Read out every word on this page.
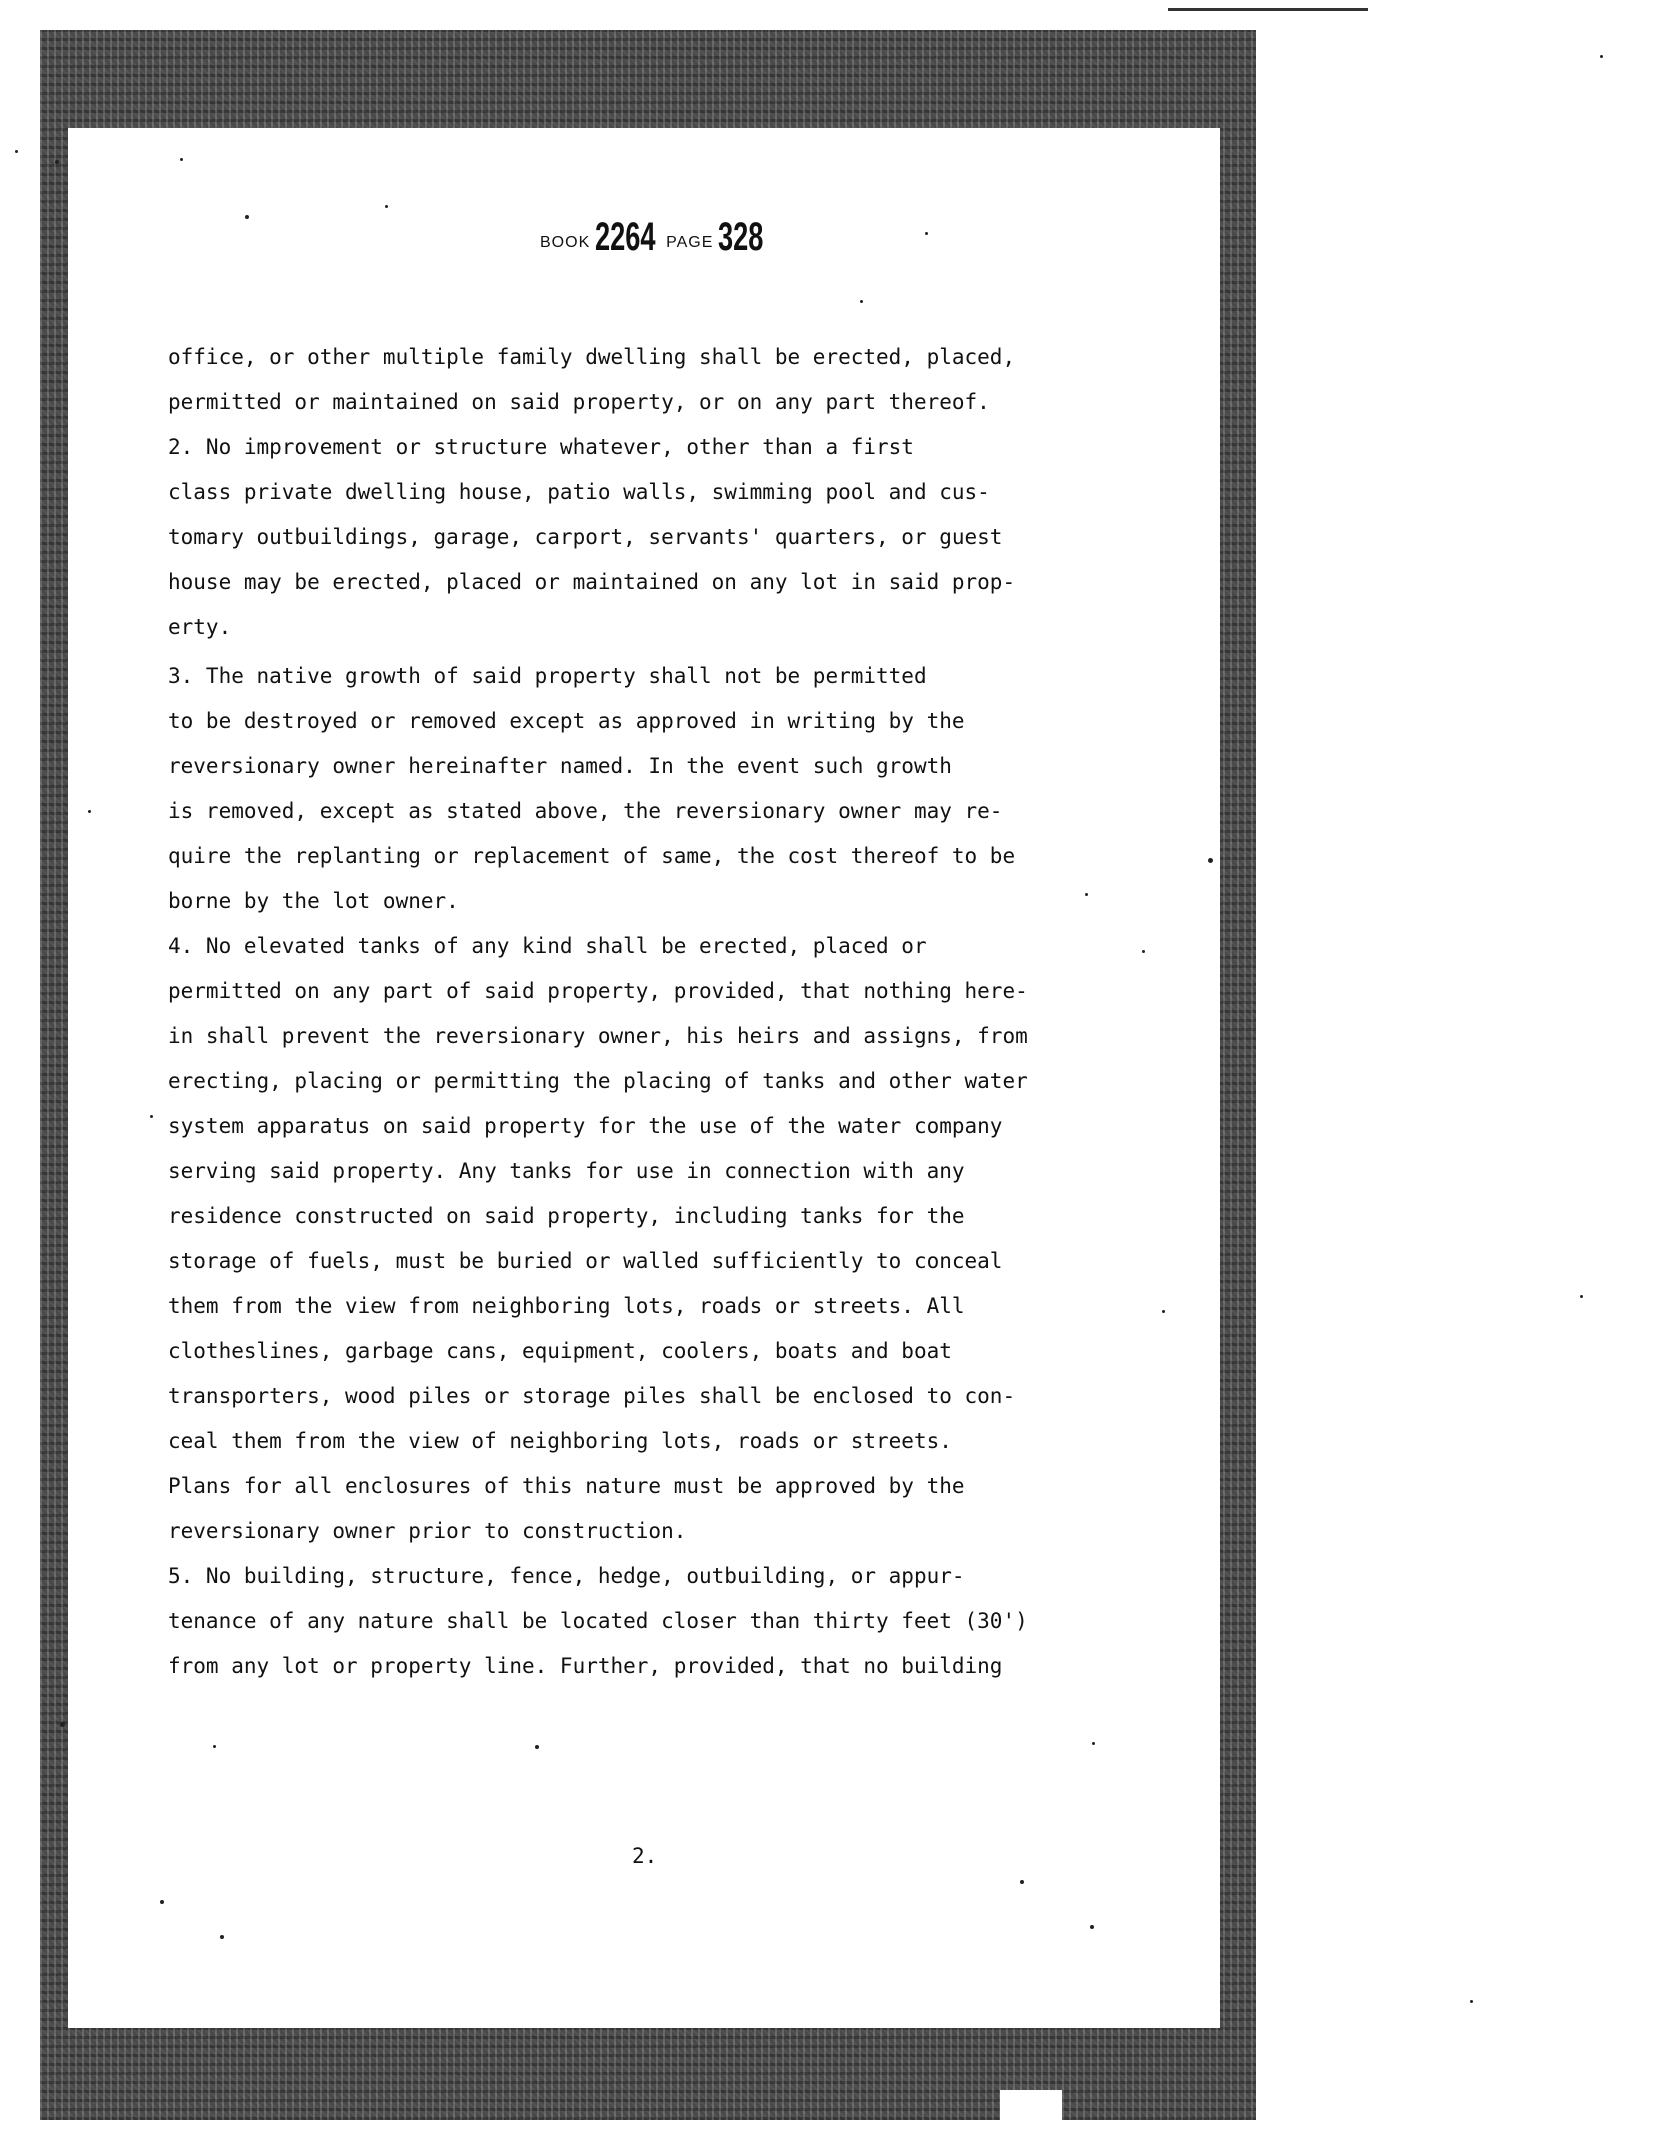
BOOK 2264 PAGE 328
office, or other multiple family dwelling shall be erected, placed,
permitted or maintained on said property, or on any part thereof.
2. No improvement or structure whatever, other than a first
class private dwelling house, patio walls, swimming pool and cus-
tomary outbuildings, garage, carport, servants' quarters, or guest
house may be erected, placed or maintained on any lot in said prop-
erty.
3. The native growth of said property shall not be permitted
to be destroyed or removed except as approved in writing by the
reversionary owner hereinafter named. In the event such growth
is removed, except as stated above, the reversionary owner may re-
quire the replanting or replacement of same, the cost thereof to be
borne by the lot owner.
4. No elevated tanks of any kind shall be erected, placed or
permitted on any part of said property, provided, that nothing here-
in shall prevent the reversionary owner, his heirs and assigns, from
erecting, placing or permitting the placing of tanks and other water
system apparatus on said property for the use of the water company
serving said property. Any tanks for use in connection with any
residence constructed on said property, including tanks for the
storage of fuels, must be buried or walled sufficiently to conceal
them from the view from neighboring lots, roads or streets. All
clotheslines, garbage cans, equipment, coolers, boats and boat
transporters, wood piles or storage piles shall be enclosed to con-
ceal them from the view of neighboring lots, roads or streets.
Plans for all enclosures of this nature must be approved by the
reversionary owner prior to construction.
5. No building, structure, fence, hedge, outbuilding, or appur-
tenance of any nature shall be located closer than thirty feet (30')
from any lot or property line. Further, provided, that no building
2.
